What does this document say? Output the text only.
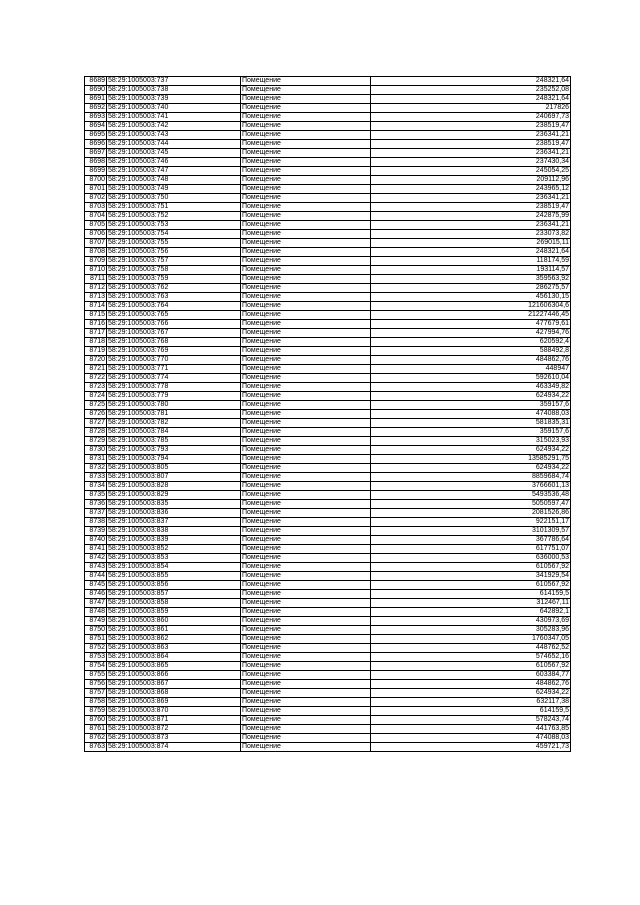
8689	58:29:1005003:737	Помещение	248321,64
8690	58:29:1005003:738	Помещение	235252,08
8691	58:29:1005003:739	Помещение	248321,64
8692	58:29:1005003:740	Помещение	217826
8693	58:29:1005003:741	Помещение	240697,73
8694	58:29:1005003:742	Помещение	238519,47
8695	58:29:1005003:743	Помещение	236341,21
8696	58:29:1005003:744	Помещение	238519,47
8697	58:29:1005003:745	Помещение	236341,21
8698	58:29:1005003:746	Помещение	237430,34
8699	58:29:1005003:747	Помещение	245054,25
8700	58:29:1005003:748	Помещение	209112,96
8701	58:29:1005003:749	Помещение	243965,12
8702	58:29:1005003:750	Помещение	236341,21
8703	58:29:1005003:751	Помещение	238519,47
8704	58:29:1005003:752	Помещение	242875,99
8705	58:29:1005003:753	Помещение	236341,21
8706	58:29:1005003:754	Помещение	233073,82
8707	58:29:1005003:755	Помещение	269015,11
8708	58:29:1005003:756	Помещение	248321,64
8709	58:29:1005003:757	Помещение	118174,59
8710	58:29:1005003:758	Помещение	193114,57
8711	58:29:1005003:759	Помещение	359563,92
8712	58:29:1005003:762	Помещение	286275,57
8713	58:29:1005003:763	Помещение	456130,15
8714	58:29:1005003:764	Помещение	121606304,6
8715	58:29:1005003:765	Помещение	21227446,45
8716	58:29:1005003:766	Помещение	477679,61
8717	58:29:1005003:767	Помещение	427994,76
8718	58:29:1005003:768	Помещение	620592,4
8719	58:29:1005003:769	Помещение	588492,8
8720	58:29:1005003:770	Помещение	484862,76
8721	58:29:1005003:771	Помещение	448947
8722	58:29:1005003:774	Помещение	592610,04
8723	58:29:1005003:778	Помещение	463349,82
8724	58:29:1005003:779	Помещение	624934,22
8725	58:29:1005003:780	Помещение	359157,6
8726	58:29:1005003:781	Помещение	474088,03
8727	58:29:1005003:782	Помещение	581835,31
8728	58:29:1005003:784	Помещение	359157,6
8729	58:29:1005003:785	Помещение	315023,93
8730	58:29:1005003:793	Помещение	624934,22
8731	58:29:1005003:794	Помещение	13585291,75
8732	58:29:1005003:805	Помещение	624934,22
8733	58:29:1005003:807	Помещение	8859684,74
8734	58:29:1005003:828	Помещение	3766601,13
8735	58:29:1005003:829	Помещение	5493536,48
8736	58:29:1005003:835	Помещение	5050597,47
8737	58:29:1005003:836	Помещение	2081526,86
8738	58:29:1005003:837	Помещение	922151,17
8739	58:29:1005003:838	Помещение	3101309,57
8740	58:29:1005003:839	Помещение	367786,64
8741	58:29:1005003:852	Помещение	617751,07
8742	58:29:1005003:853	Помещение	636000,53
8743	58:29:1005003:854	Помещение	610567,92
8744	58:29:1005003:855	Помещение	341929,54
8745	58:29:1005003:856	Помещение	610567,92
8746	58:29:1005003:857	Помещение	614159,5
8747	58:29:1005003:858	Помещение	312467,11
8748	58:29:1005003:859	Помещение	642892,1
8749	58:29:1005003:860	Помещение	430973,69
8750	58:29:1005003:861	Помещение	305283,96
8751	58:29:1005003:862	Помещение	1760347,05
8752	58:29:1005003:863	Помещение	448762,52
8753	58:29:1005003:864	Помещение	574652,16
8754	58:29:1005003:865	Помещение	610567,92
8755	58:29:1005003:866	Помещение	603384,77
8756	58:29:1005003:867	Помещение	484862,76
8757	58:29:1005003:868	Помещение	624934,22
8758	58:29:1005003:869	Помещение	632117,38
8759	58:29:1005003:870	Помещение	614159,5
8760	58:29:1005003:871	Помещение	578243,74
8761	58:29:1005003:872	Помещение	441763,85
8762	58:29:1005003:873	Помещение	474088,03
8763	58:29:1005003:874	Помещение	459721,73
